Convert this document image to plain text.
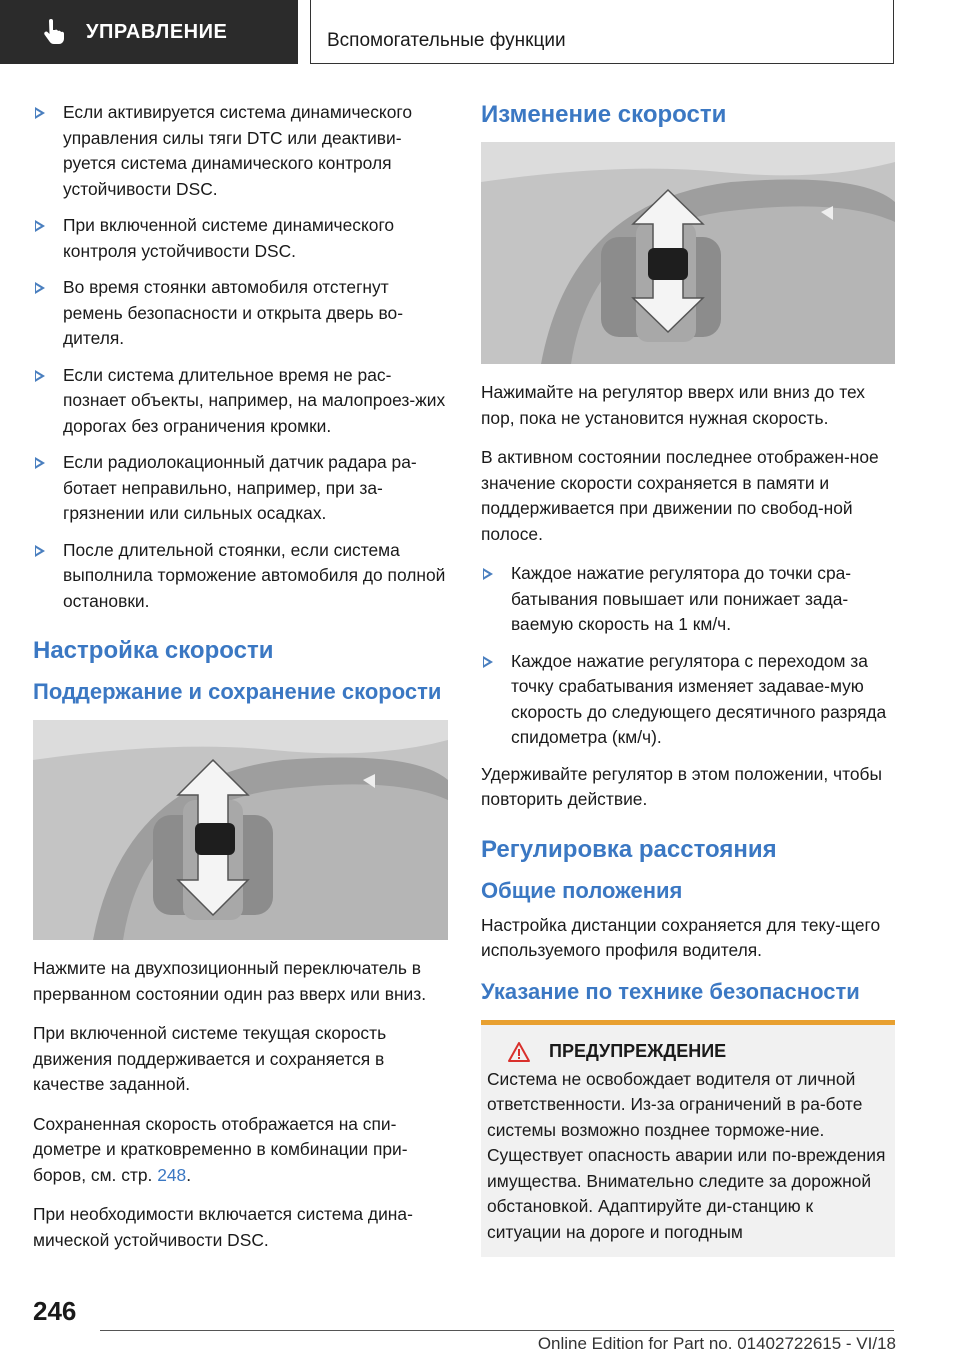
УПРАВЛЕНИЕ	Вспомогательные функции
Если активируется система динамического управления силы тяги DTC или деактиви-руется система динамического контроля устойчивости DSC.
При включенной системе динамического контроля устойчивости DSC.
Во время стоянки автомобиля отстегнут ремень безопасности и открыта дверь во-дителя.
Если система длительное время не рас-познает объекты, например, на малопроез-жих дорогах без ограничения кромки.
Если радиолокационный датчик радара ра-ботает неправильно, например, при за-грязнении или сильных осадках.
После длительной стоянки, если система выполнила торможение автомобиля до полной остановки.
Настройка скорости
Поддержание и сохранение скорости

Нажмите на двухпозиционный переключатель в прерванном состоянии один раз вверх или вниз.

При включенной системе текущая скорость движения поддерживается и сохраняется в качестве заданной.

Сохраненная скорость отображается на спи-дометре и кратковременно в комбинации при-боров, см. стр. 248.

При необходимости включается система дина-мической устойчивости DSC.

Изменение скорости

Нажимайте на регулятор вверх или вниз до тех пор, пока не установится нужная скорость.

В активном состоянии последнее отображен-ное значение скорости сохраняется в памяти и поддерживается при движении по свобод-ной полосе.

Каждое нажатие регулятора до точки сра-батывания повышает или понижает зада-ваемую скорость на 1 км/ч.
Каждое нажатие регулятора с переходом за точку срабатывания изменяет задавае-мую скорость до следующего десятичного разряда спидометра (км/ч).

Удерживайте регулятор в этом положении, чтобы повторить действие.

Регулировка расстояния
Общие положения

Настройка дистанции сохраняется для теку-щего используемого профиля водителя.

Указание по технике безопасности
ПРЕДУПРЕЖДЕНИЕ

Система не освобождает водителя от личной ответственности. Из-за ограничений в ра-боте системы возможно позднее торможе-ние. Существует опасность аварии или по-вреждения имущества. Внимательно следите за дорожной обстановкой. Адаптируйте ди-станцию к ситуации на дороге и погодным

246
Online Edition for Part no. 01402722615 - VI/18
